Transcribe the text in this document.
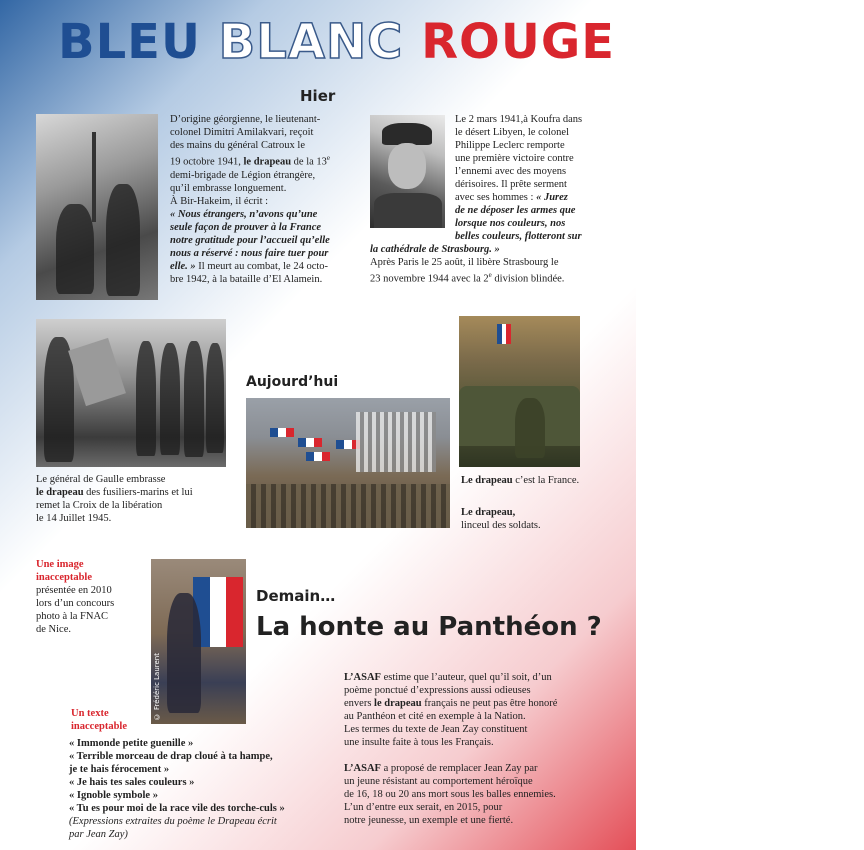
BLEU BLANC ROUGE
Hier
D’origine géorgienne, le lieutenant-
colonel Dimitri Amilakvari, reçoit
des mains du général Catroux le
19 octobre 1941, le drapeau de la 13e
demi-brigade de Légion étrangère,
qu’il embrasse longuement.
À Bir-Hakeim, il écrit :
« Nous étrangers, n’avons qu’une
seule façon de prouver à la France
notre gratitude pour l’accueil qu’elle
nous a réservé : nous faire tuer pour
elle. » Il meurt au combat, le 24 octo-
bre 1942, à la bataille d’El Alamein.
Le 2 mars 1941,à Koufra dans
le désert Libyen, le colonel
Philippe Leclerc remporte
une première victoire contre
l’ennemi avec des moyens
dérisoires. Il prête serment
avec ses hommes : « Jurez
de ne déposer les armes que
lorsque nos couleurs, nos
belles couleurs, flotteront sur
la cathédrale de Strasbourg. »
Après Paris le 25 août, il libère Strasbourg le
23 novembre 1944 avec la 2e division blindée.
Le général de Gaulle embrasse
le drapeau des fusiliers-marins et lui
remet la Croix de la libération
le 14 Juillet 1945.
Aujourd’hui
Le drapeau c’est la France.
Le drapeau,
linceul des soldats.
Une image
inacceptable
présentée en 2010
lors d’un concours
photo à la FNAC
de Nice.
© Frédéric Laurent
Demain…
La honte au Panthéon ?
Un texte
inacceptable
« Immonde petite guenille »
« Terrible morceau de drap cloué à ta hampe,
je te hais férocement »
« Je hais tes sales couleurs »
« Ignoble symbole »
« Tu es pour moi de la race vile des torche-culs »
(Expressions extraites du poème le Drapeau écrit
par Jean Zay)
L’ASAF estime que l’auteur, quel qu’il soit, d’un
poème ponctué d’expressions aussi odieuses
envers le drapeau français ne peut pas être honoré
au Panthéon et cité en exemple à la Nation.
Les termes du texte de Jean Zay constituent
une insulte faite à tous les Français.
L’ASAF a proposé de remplacer Jean Zay par
un jeune résistant au comportement héroïque
de 16, 18 ou 20 ans mort sous les balles ennemies.
L’un d’entre eux serait, en 2015, pour
notre jeunesse, un exemple et une fierté.
